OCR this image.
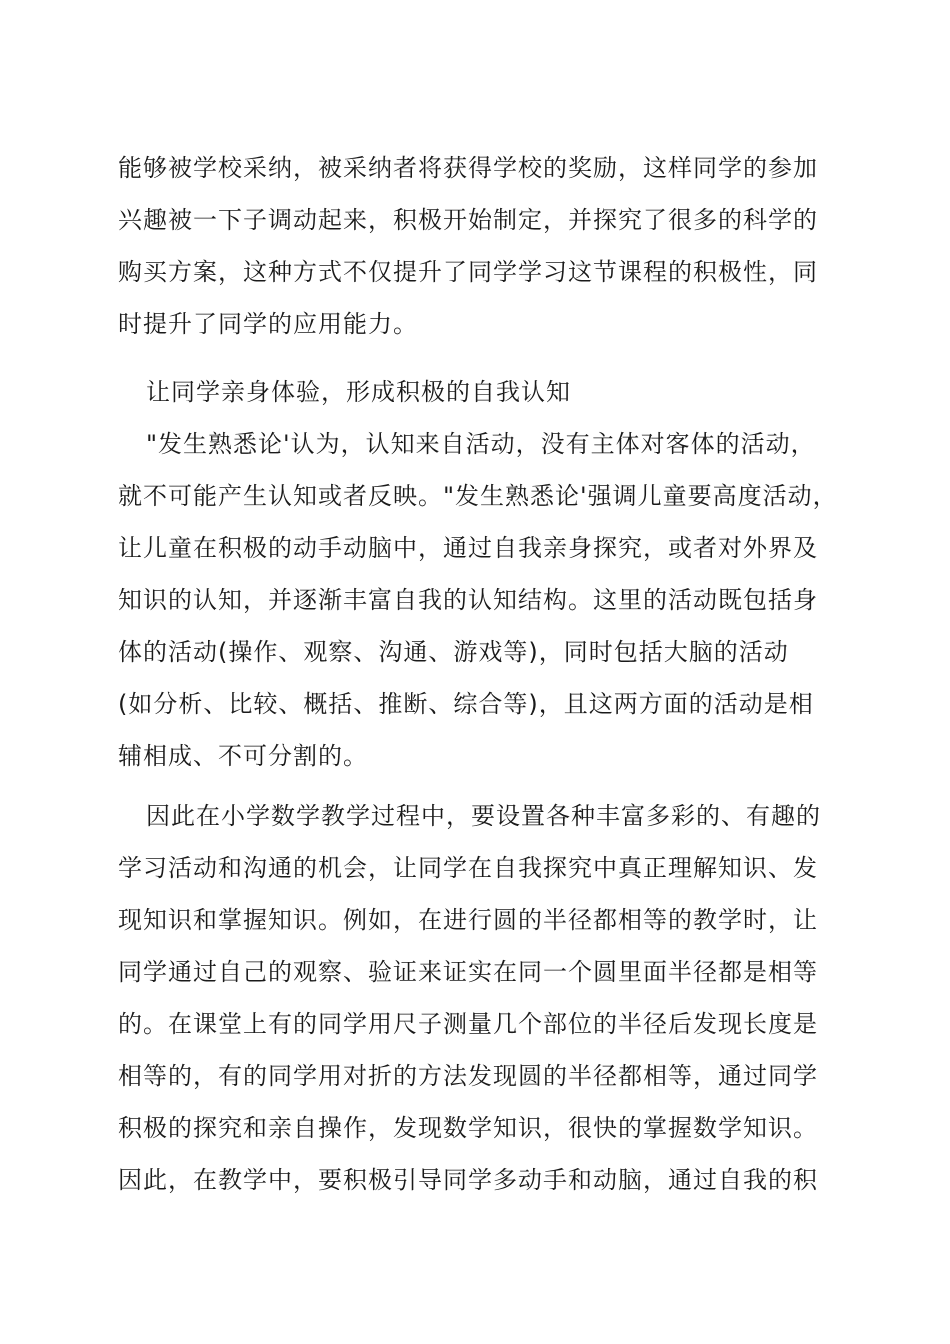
能够被学校采纳，被采纳者将获得学校的奖励，这样同学的参加
兴趣被一下子调动起来，积极开始制定，并探究了很多的科学的
购买方案，这种方式不仅提升了同学学习这节课程的积极性，同
时提升了同学的应用能力。
让同学亲身体验，形成积极的自我认知
"发生熟悉论'认为，认知来自活动，没有主体对客体的活动，
就不可能产生认知或者反映。"发生熟悉论'强调儿童要高度活动，
让儿童在积极的动手动脑中，通过自我亲身探究，或者对外界及
知识的认知，并逐渐丰富自我的认知结构。这里的活动既包括身
体的活动(操作、观察、沟通、游戏等)，同时包括大脑的活动
(如分析、比较、概括、推断、综合等)，且这两方面的活动是相
辅相成、不可分割的。
因此在小学数学教学过程中，要设置各种丰富多彩的、有趣的
学习活动和沟通的机会，让同学在自我探究中真正理解知识、发
现知识和掌握知识。例如，在进行圆的半径都相等的教学时，让
同学通过自己的观察、验证来证实在同一个圆里面半径都是相等
的。在课堂上有的同学用尺子测量几个部位的半径后发现长度是
相等的，有的同学用对折的方法发现圆的半径都相等，通过同学
积极的探究和亲自操作，发现数学知识，很快的掌握数学知识。
因此，在教学中，要积极引导同学多动手和动脑，通过自我的积
